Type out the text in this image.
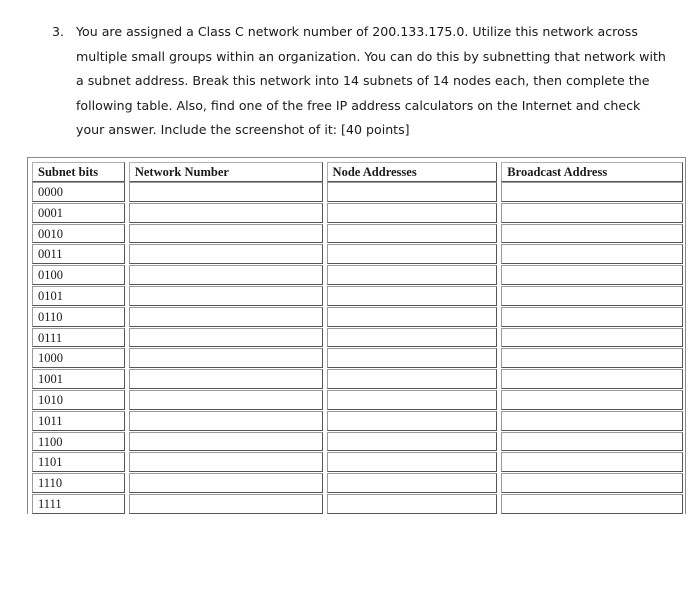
3. You are assigned a Class C network number of 200.133.175.0. Utilize this network across
multiple small groups within an organization. You can do this by subnetting that network with
a subnet address. Break this network into 14 subnets of 14 nodes each, then complete the
following table. Also, find one of the free IP address calculators on the Internet and check
your answer. Include the screenshot of it: [40 points]
Subnet bits	Network Number	Node Addresses	Broadcast Address
0000
0001
0010
0011
0100
0101
0110
0111
1000
1001
1010
1011
1100
1101
1110
1111
